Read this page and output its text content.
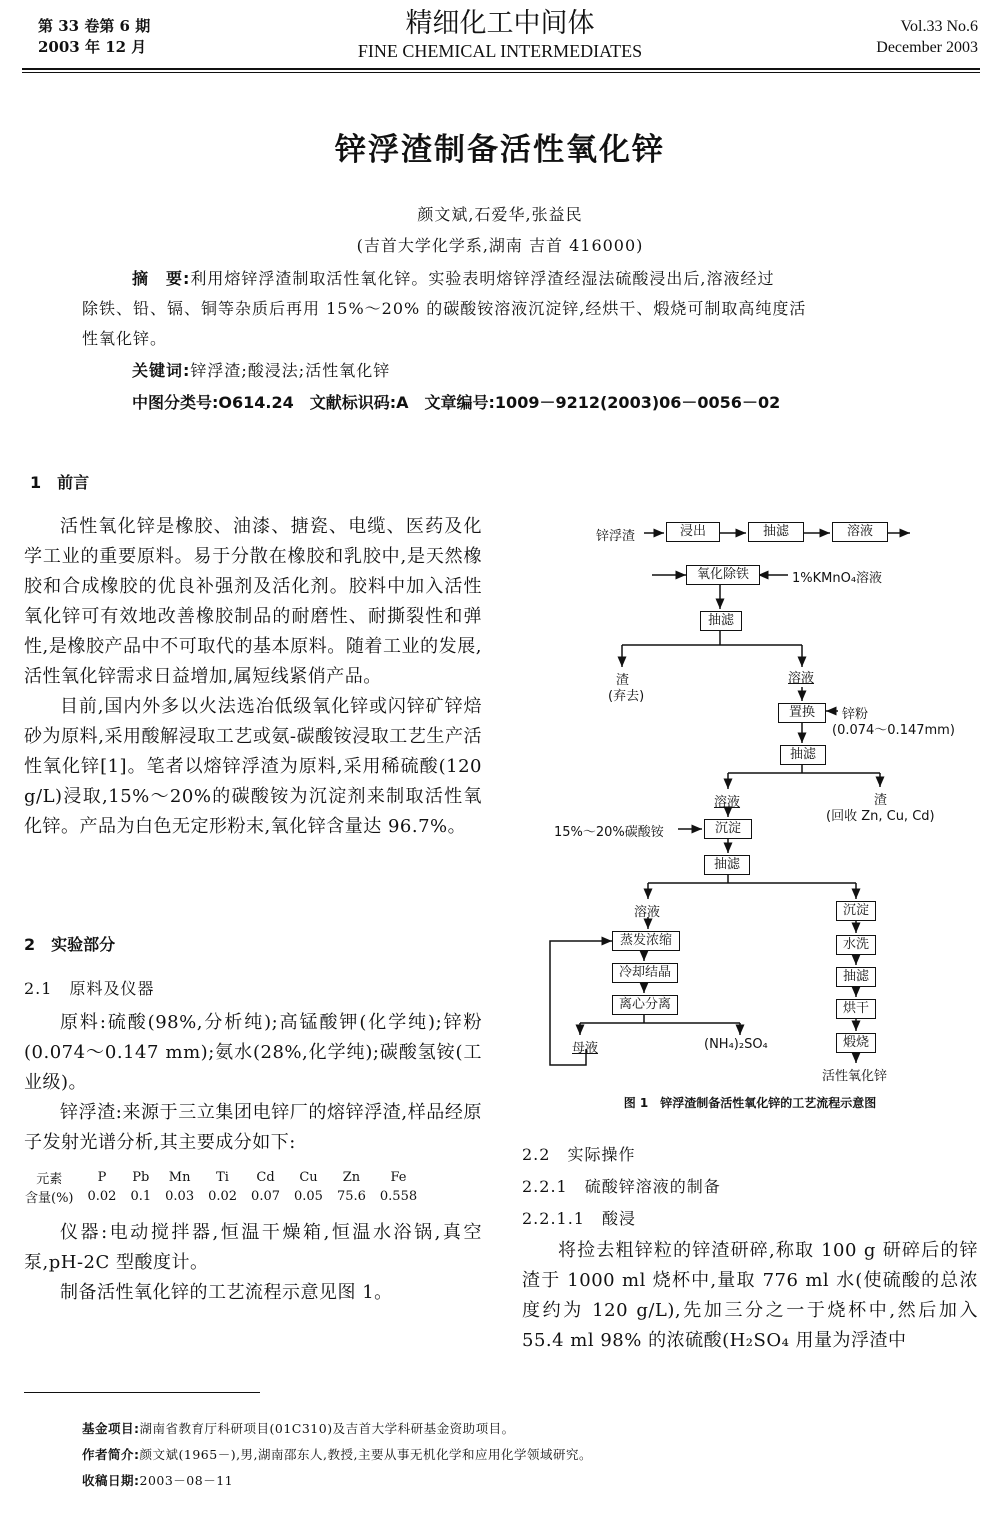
第 33 卷第 6 期
2003 年 12 月
精细化工中间体
FINE CHEMICAL INTERMEDIATES
Vol.33 No.6
December 2003
锌浮渣制备活性氧化锌
颜文斌,石爱华,张益民
(吉首大学化学系,湖南 吉首 416000)
摘　要:利用熔锌浮渣制取活性氧化锌。实验表明熔锌浮渣经湿法硫酸浸出后,溶液经过
除铁、铅、镉、铜等杂质后再用 15%～20% 的碳酸铵溶液沉淀锌,经烘干、煅烧可制取高纯度活
性氧化锌。
关键词:锌浮渣;酸浸法;活性氧化锌
中图分类号:O614.24　文献标识码:A　文章编号:1009－9212(2003)06－0056－02
1　前言

活性氧化锌是橡胶、油漆、搪瓷、电缆、医药及化学工业的重要原料。易于分散在橡胶和乳胶中,是天然橡胶和合成橡胶的优良补强剂及活化剂。胶料中加入活性氧化锌可有效地改善橡胶制品的耐磨性、耐撕裂性和弹性,是橡胶产品中不可取代的基本原料。随着工业的发展,活性氧化锌需求日益增加,属短线紧俏产品。

目前,国内外多以火法选冶低级氧化锌或闪锌矿锌焙砂为原料,采用酸解浸取工艺或氨-碳酸铵浸取工艺生产活性氧化锌[1]。笔者以熔锌浮渣为原料,采用稀硫酸(120 g/L)浸取,15%～20%的碳酸铵为沉淀剂来制取活性氧化锌。产品为白色无定形粉末,氧化锌含量达 96.7%。

2　实验部分
2.1　原料及仪器

原料:硫酸(98%,分析纯);高锰酸钾(化学纯);锌粉(0.074～0.147 mm);氨水(28%,化学纯);碳酸氢铵(工业级)。

锌浮渣:来源于三立集团电锌厂的熔锌浮渣,样品经原子发射光谱分析,其主要成分如下:

元素	P	Pb	Mn	Ti	Cd	Cu	Zn	Fe
含量(%)	0.02	0.1	0.03	0.02	0.07	0.05	75.6	0.558

仪器:电动搅拌器,恒温干燥箱,恒温水浴锅,真空泵,pH-2C 型酸度计。

制备活性氧化锌的工艺流程示意见图 1。

锌浮渣	浸出	抽滤	溶液
氧化除铁	1%KMnO₄溶液
抽滤
渣
(弃去)
溶液
置换	锌粉
(0.074～0.147mm)
抽滤
溶液	渣
(回收 Zn, Cu, Cd)
15%～20%碳酸铵	沉淀
抽滤
溶液	沉淀
蒸发浓缩
冷却结晶
离心分离
水洗
抽滤
烘干
煅烧
母液	(NH₄)₂SO₄
活性氧化锌
图 1　锌浮渣制备活性氧化锌的工艺流程示意图
2.2　实际操作
2.2.1　硫酸锌溶液的制备
2.2.1.1　酸浸

将捡去粗锌粒的锌渣研碎,称取 100 g 研碎后的锌渣于 1000 ml 烧杯中,量取 776 ml 水(使硫酸的总浓度约为 120 g/L),先加三分之一于烧杯中,然后加入 55.4 ml 98% 的浓硫酸(H₂SO₄ 用量为浮渣中

基金项目:湖南省教育厅科研项目(01C310)及吉首大学科研基金资助项目。
作者简介:颜文斌(1965－),男,湖南邵东人,教授,主要从事无机化学和应用化学领域研究。
收稿日期:2003－08－11
